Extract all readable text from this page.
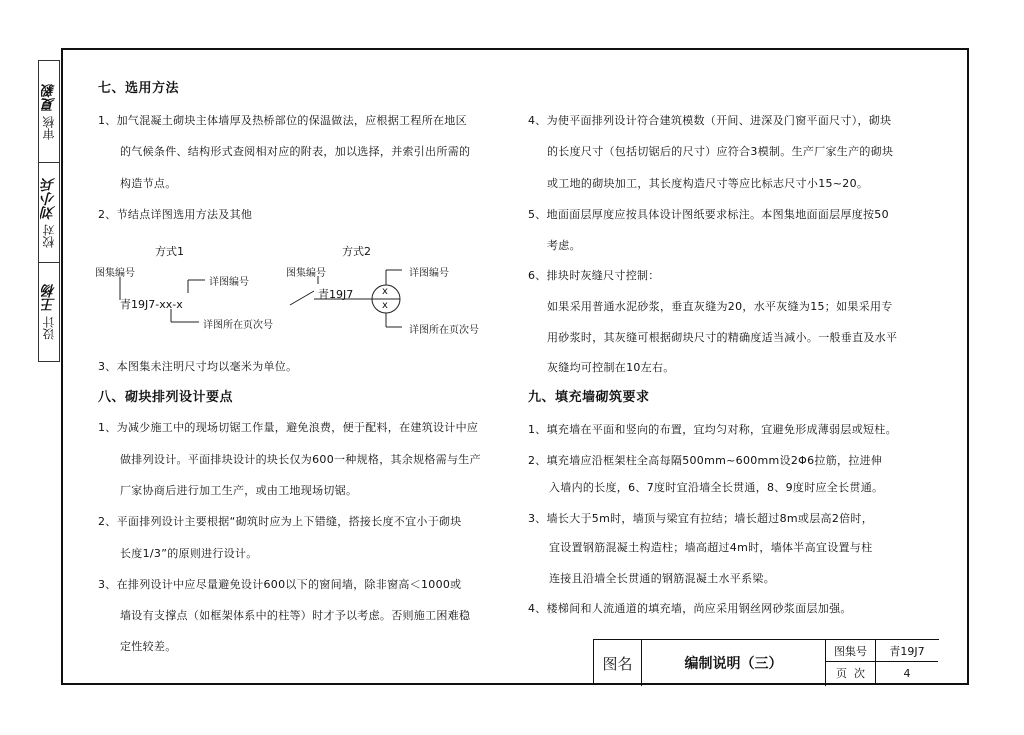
审核 夏毅
校对 刘小兵
设计 王杨
七、选用方法
1、加气混凝土砌块主体墙厚及热桥部位的保温做法，应根据工程所在地区
的气候条件、结构形式查阅相对应的附表，加以选择，并索引出所需的
构造节点。
2、节结点详图选用方法及其他
方式1
图集编号
详图编号
青19J7-xx-x
详图所在页次号
方式2
图集编号
青19J7	x
x
详图编号
详图所在页次号
3、本图集未注明尺寸均以毫米为单位。
八、砌块排列设计要点
1、为减少施工中的现场切锯工作量，避免浪费，便于配料，在建筑设计中应
做排列设计。平面排块设计的块长仅为600一种规格，其余规格需与生产
厂家协商后进行加工生产，或由工地现场切锯。
2、平面排列设计主要根据“砌筑时应为上下错缝，搭接长度不宜小于砌块
长度1/3”的原则进行设计。
3、在排列设计中应尽量避免设计600以下的窗间墙，除非窗高＜1000或
墙设有支撑点（如框架体系中的柱等）时才予以考虑。否则施工困难稳
定性较差。
4、为使平面排列设计符合建筑模数（开间、进深及门窗平面尺寸），砌块
的长度尺寸（包括切锯后的尺寸）应符合3模制。生产厂家生产的砌块
或工地的砌块加工，其长度构造尺寸等应比标志尺寸小15~20。
5、地面面层厚度应按具体设计图纸要求标注。本图集地面面层厚度按50
考虑。
6、排块时灰缝尺寸控制：
如果采用普通水泥砂浆，垂直灰缝为20，水平灰缝为15；如果采用专
用砂浆时，其灰缝可根据砌块尺寸的精确度适当减小。一般垂直及水平
灰缝均可控制在10左右。
九、填充墙砌筑要求
1、填充墙在平面和竖向的布置，宜均匀对称，宜避免形成薄弱层或短柱。
2、填充墙应沿框架柱全高每隔500mm~600mm设2Φ6拉筋，拉进伸
入墙内的长度，6、7度时宜沿墙全长贯通，8、9度时应全长贯通。
3、墙长大于5m时，墙顶与梁宜有拉结；墙长超过8m或层高2倍时，
宜设置钢筋混凝土构造柱；墙高超过4m时，墙体半高宜设置与柱
连接且沿墙全长贯通的钢筋混凝土水平系梁。
4、楼梯间和人流通道的填充墙，尚应采用钢丝网砂浆面层加强。
图名	编制说明（三）
图集号	青19J7
页  次	4
